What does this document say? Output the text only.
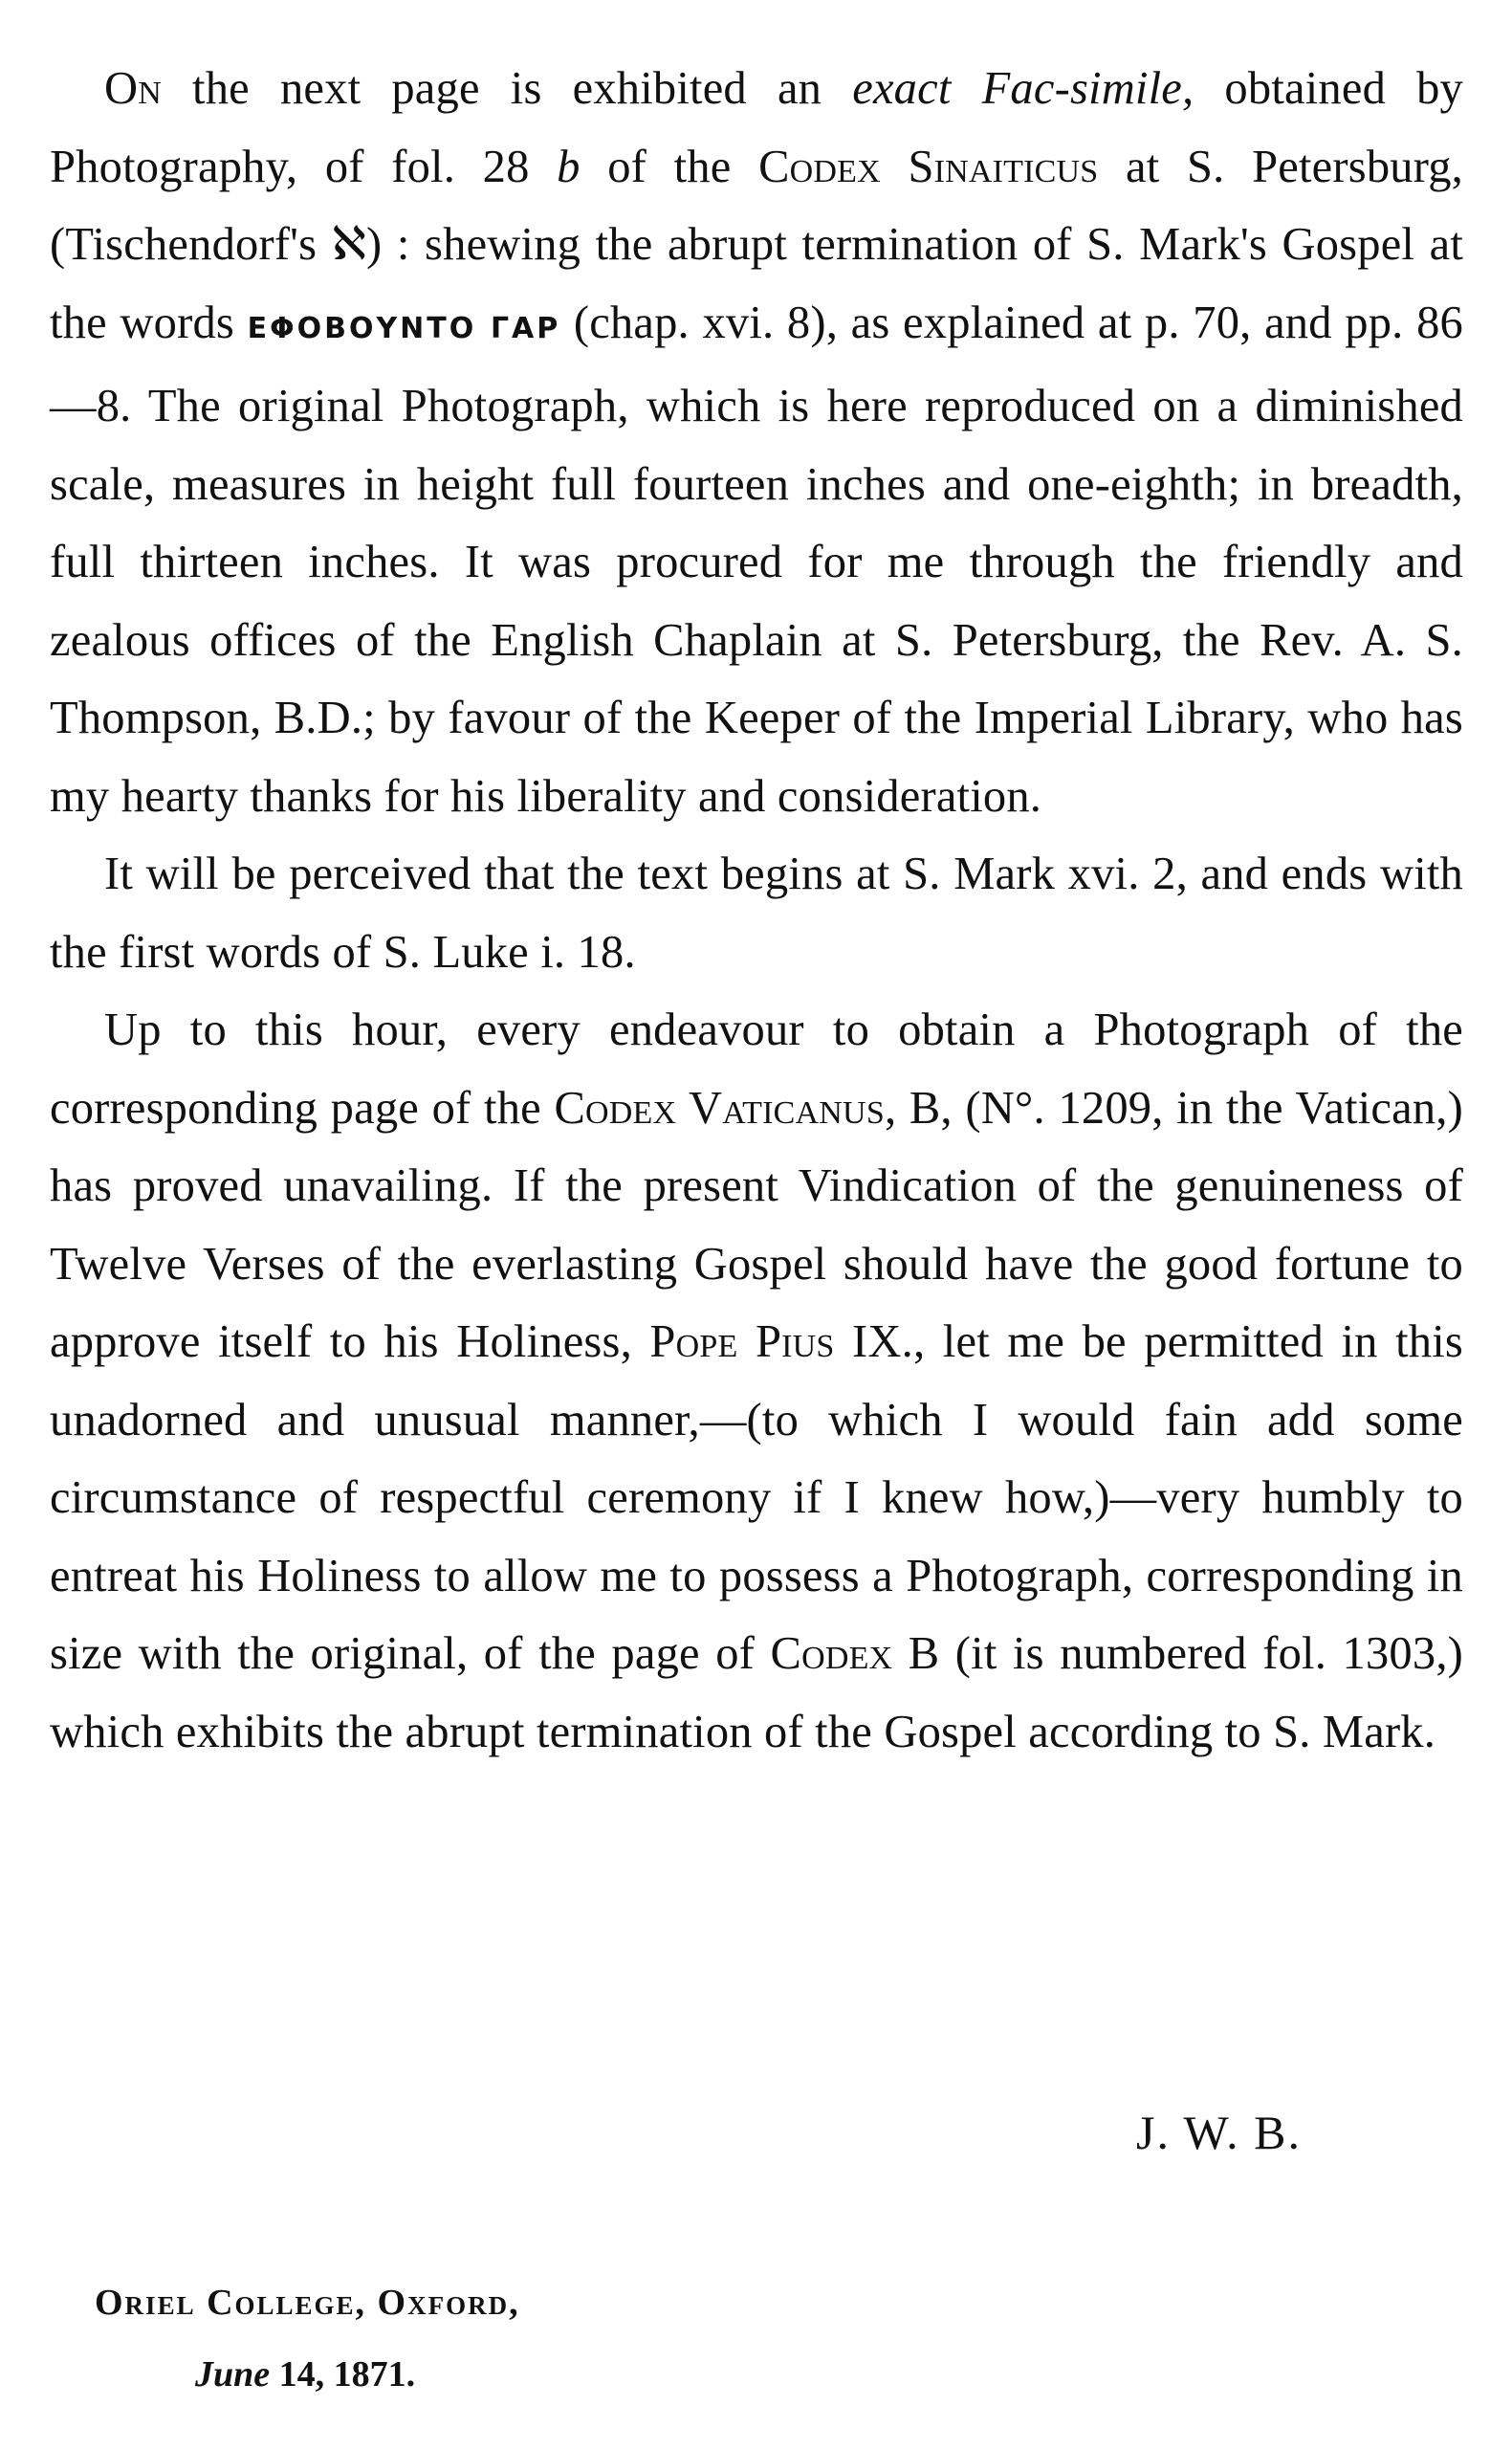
On the next page is exhibited an exact Fac-simile, obtained by Photography, of fol. 28 b of the Codex Sinaiticus at S. Petersburg, (Tischendorf's ℵ) : shewing the abrupt termination of S. Mark's Gospel at the words ΕΦΟΒΟΥΝΤΟ ΓΑΡ (chap. xvi. 8), as explained at p. 70, and pp. 86—8. The original Photograph, which is here reproduced on a diminished scale, measures in height full fourteen inches and one-eighth; in breadth, full thirteen inches. It was procured for me through the friendly and zealous offices of the English Chaplain at S. Petersburg, the Rev. A. S. Thompson, B.D.; by favour of the Keeper of the Imperial Library, who has my hearty thanks for his liberality and consideration.

It will be perceived that the text begins at S. Mark xvi. 2, and ends with the first words of S. Luke i. 18.

Up to this hour, every endeavour to obtain a Photograph of the corresponding page of the Codex Vaticanus, B, (N°. 1209, in the Vatican,) has proved unavailing. If the present Vindication of the genuineness of Twelve Verses of the everlasting Gospel should have the good fortune to approve itself to his Holiness, Pope Pius IX., let me be permitted in this unadorned and unusual manner,—(to which I would fain add some circumstance of respectful ceremony if I knew how,)—very humbly to entreat his Holiness to allow me to possess a Photograph, corresponding in size with the original, of the page of Codex B (it is numbered fol. 1303,) which exhibits the abrupt termination of the Gospel according to S. Mark.

J. W. B.
Oriel College, Oxford,
June 14, 1871.
